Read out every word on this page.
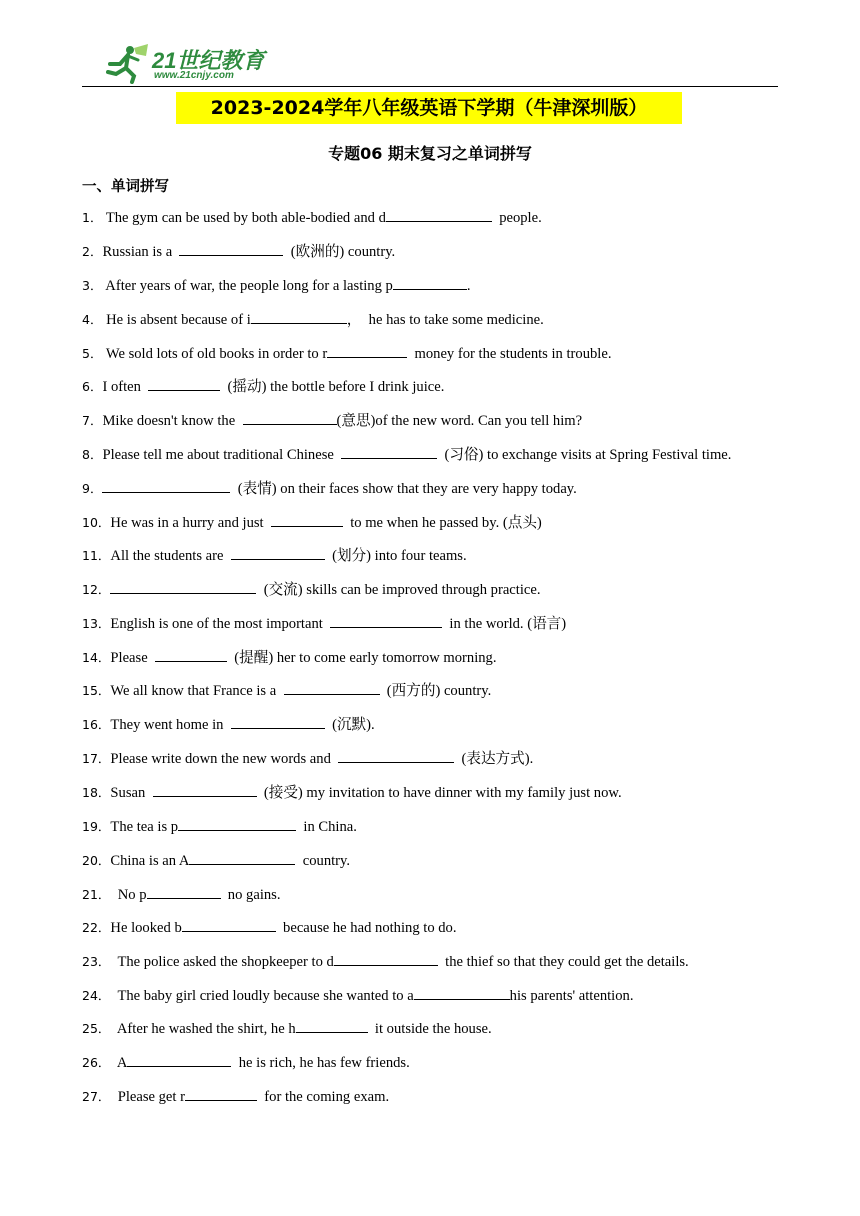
21世纪教育
www.21cnjy.com
2023-2024学年八年级英语下学期（牛津深圳版）
专题06 期末复习之单词拼写
一、单词拼写
1． The gym can be used by both able-bodied and d	people.
2．Russian is a	(欧洲的) country.
3． After years of war, the people long for a lasting p	.
4． He is absent because of i	，  he has to take some medicine.
5． We sold lots of old books in order to r	money for the students in trouble.
6．I often	(摇动) the bottle before I drink juice.
7．Mike doesn't know the	(意思)of the new word. Can you tell him?
8．Please tell me about traditional Chinese	(习俗) to exchange visits at Spring Festival time.
9．	(表情) on their faces show that they are very happy today.
10．He was in a hurry and just	to me when he passed by. (点头)
11．All the students are	(划分) into four teams.
12．	(交流) skills can be improved through practice.
13．English is one of the most important	in the world. (语言)
14．Please	(提醒) her to come early tomorrow morning.
15．We all know that France is a	(西方的) country.
16．They went home in	(沉默).
17．Please write down the new words and	(表达方式).
18．Susan	(接受) my invitation to have dinner with my family just now.
19．The tea is p	in China.
20．China is an A	country.
21．  No p	no gains.
22．He looked b	because he had nothing to do.
23．  The police asked the shopkeeper to d	the thief so that they could get the details.
24．  The baby girl cried loudly because she wanted to a	his parents' attention.
25．  After he washed the shirt, he h	it outside the house.
26．  A	he is rich, he has few friends.
27．  Please get r	for the coming exam.
